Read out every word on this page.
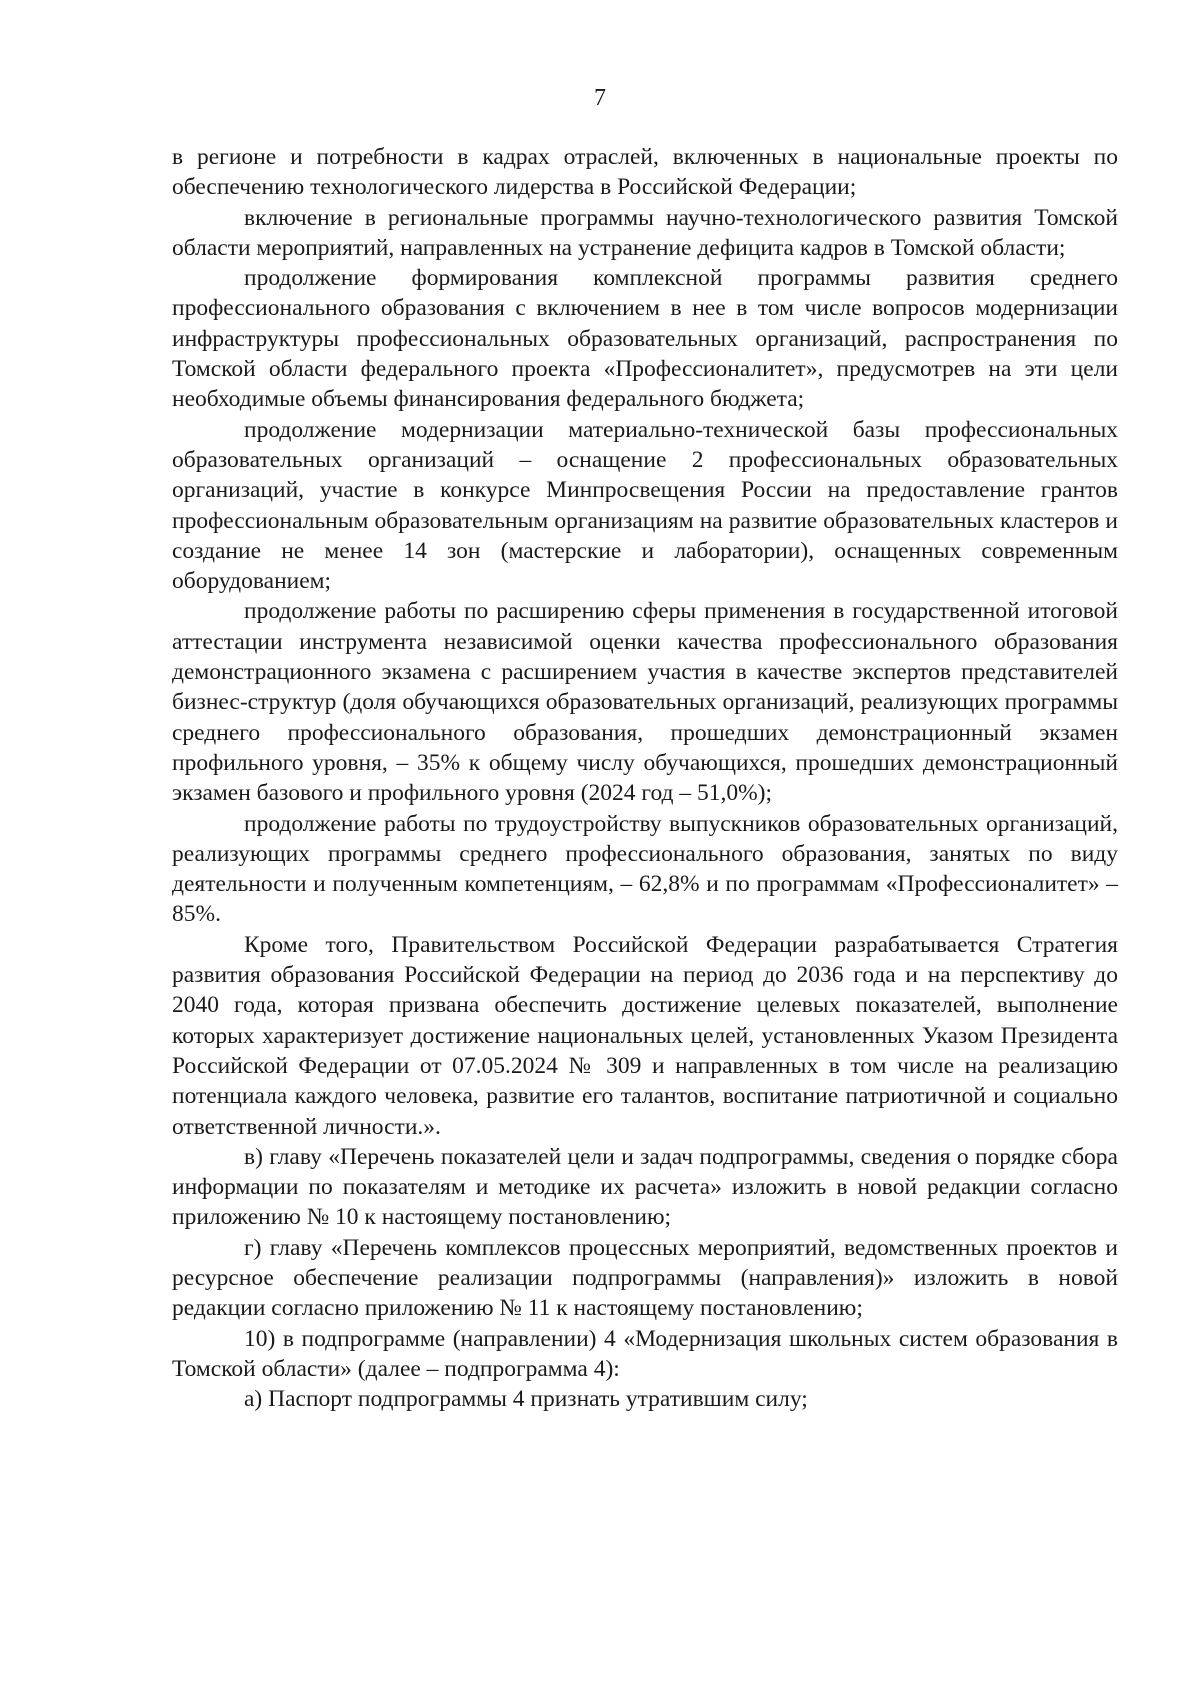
7

в регионе и потребности в кадрах отраслей, включенных в национальные проекты по обеспечению технологического лидерства в Российской Федерации;

включение в региональные программы научно-технологического развития Томской области мероприятий, направленных на устранение дефицита кадров в Томской области;

продолжение формирования комплексной программы развития среднего профессионального образования с включением в нее в том числе вопросов модернизации инфраструктуры профессиональных образовательных организаций, распространения по Томской области федерального проекта «Профессионалитет», предусмотрев на эти цели необходимые объемы финансирования федерального бюджета;

продолжение модернизации материально-технической базы профессиональных образовательных организаций – оснащение 2 профессиональных образовательных организаций, участие в конкурсе Минпросвещения России на предоставление грантов профессиональным образовательным организациям на развитие образовательных кластеров и создание не менее 14 зон (мастерские и лаборатории), оснащенных современным оборудованием;

продолжение работы по расширению сферы применения в государственной итоговой аттестации инструмента независимой оценки качества профессионального образования демонстрационного экзамена с расширением участия в качестве экспертов представителей бизнес-структур (доля обучающихся образовательных организаций, реализующих программы среднего профессионального образования, прошедших демонстрационный экзамен профильного уровня, – 35% к общему числу обучающихся, прошедших демонстрационный экзамен базового и профильного уровня (2024 год – 51,0%);

продолжение работы по трудоустройству выпускников образовательных организаций, реализующих программы среднего профессионального образования, занятых по виду деятельности и полученным компетенциям, – 62,8% и по программам «Профессионалитет» – 85%.

Кроме того, Правительством Российской Федерации разрабатывается Стратегия развития образования Российской Федерации на период до 2036 года и на перспективу до 2040 года, которая призвана обеспечить достижение целевых показателей, выполнение которых характеризует достижение национальных целей, установленных Указом Президента Российской Федерации от 07.05.2024 № 309 и направленных в том числе на реализацию потенциала каждого человека, развитие его талантов, воспитание патриотичной и социально ответственной личности.».

в) главу «Перечень показателей цели и задач подпрограммы, сведения о порядке сбора информации по показателям и методике их расчета» изложить в новой редакции согласно приложению № 10 к настоящему постановлению;

г) главу «Перечень комплексов процессных мероприятий, ведомственных проектов и ресурсное обеспечение реализации подпрограммы (направления)» изложить в новой редакции согласно приложению № 11 к настоящему постановлению;

10) в подпрограмме (направлении) 4 «Модернизация школьных систем образования в Томской области» (далее – подпрограмма 4):

а) Паспорт подпрограммы 4 признать утратившим силу;
